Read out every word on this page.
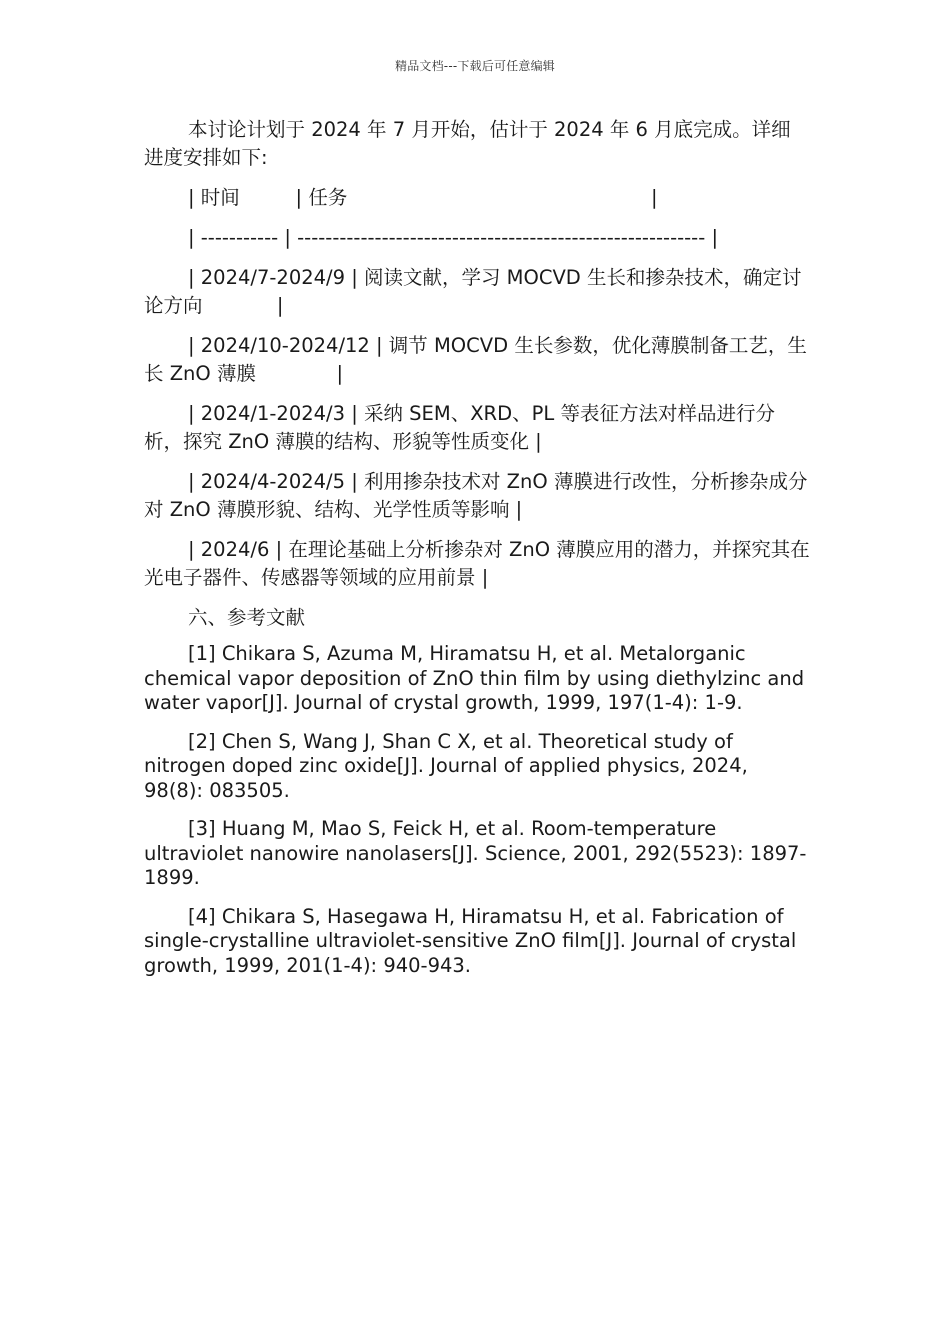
精品文档---下载后可任意编辑

本讨论计划于 2024 年 7 月开始，估计于 2024 年 6 月底完成。详细进度安排如下:

| 时间         | 任务                                                 |

| ----------- | ---------------------------------------------------------- |

| 2024/7-2024/9 | 阅读文献，学习 MOCVD 生长和掺杂技术，确定讨论方向            |

| 2024/10-2024/12 | 调节 MOCVD 生长参数，优化薄膜制备工艺，生长 ZnO 薄膜             |

| 2024/1-2024/3 | 采纳 SEM、XRD、PL 等表征方法对样品进行分析，探究 ZnO 薄膜的结构、形貌等性质变化 |

| 2024/4-2024/5 | 利用掺杂技术对 ZnO 薄膜进行改性，分析掺杂成分对 ZnO 薄膜形貌、结构、光学性质等影响 |

| 2024/6 | 在理论基础上分析掺杂对 ZnO 薄膜应用的潜力，并探究其在光电子器件、传感器等领域的应用前景 |

六、参考文献

[1] Chikara S, Azuma M, Hiramatsu H, et al. Metalorganic chemical vapor deposition of ZnO thin film by using diethylzinc and water vapor[J]. Journal of crystal growth, 1999, 197(1-4): 1-9.

[2] Chen S, Wang J, Shan C X, et al. Theoretical study of nitrogen doped zinc oxide[J]. Journal of applied physics, 2024, 98(8): 083505.

[3] Huang M, Mao S, Feick H, et al. Room-temperature ultraviolet nanowire nanolasers[J]. Science, 2001, 292(5523): 1897-1899.

[4] Chikara S, Hasegawa H, Hiramatsu H, et al. Fabrication of single-crystalline ultraviolet-sensitive ZnO film[J]. Journal of crystal growth, 1999, 201(1-4): 940-943.
